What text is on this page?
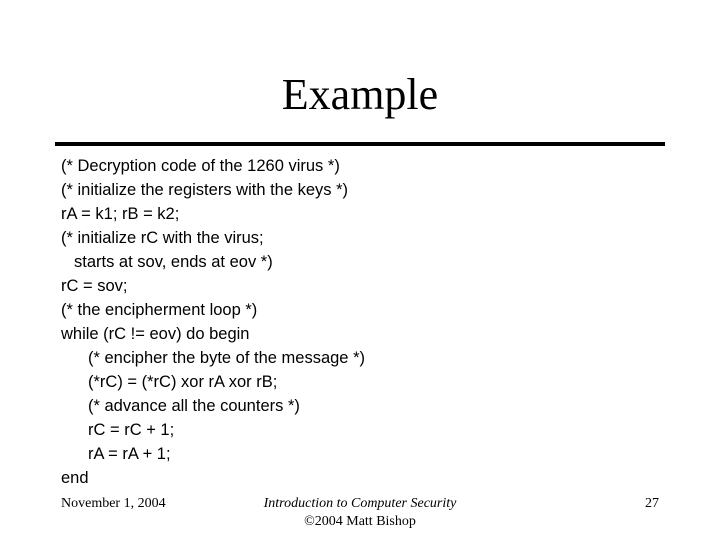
Example
(* Decryption code of the 1260 virus *)
(* initialize the registers with the keys *)
rA = k1; rB = k2;
(* initialize rC with the virus;
starts at sov, ends at eov *)
rC = sov;
(* the encipherment loop *)
while (rC != eov) do begin
(* encipher the byte of the message *)
(*rC) = (*rC) xor rA xor rB;
(* advance all the counters *)
rC = rC + 1;
rA = rA + 1;
end
November 1, 2004	Introduction to Computer Security
©2004 Matt Bishop
27
